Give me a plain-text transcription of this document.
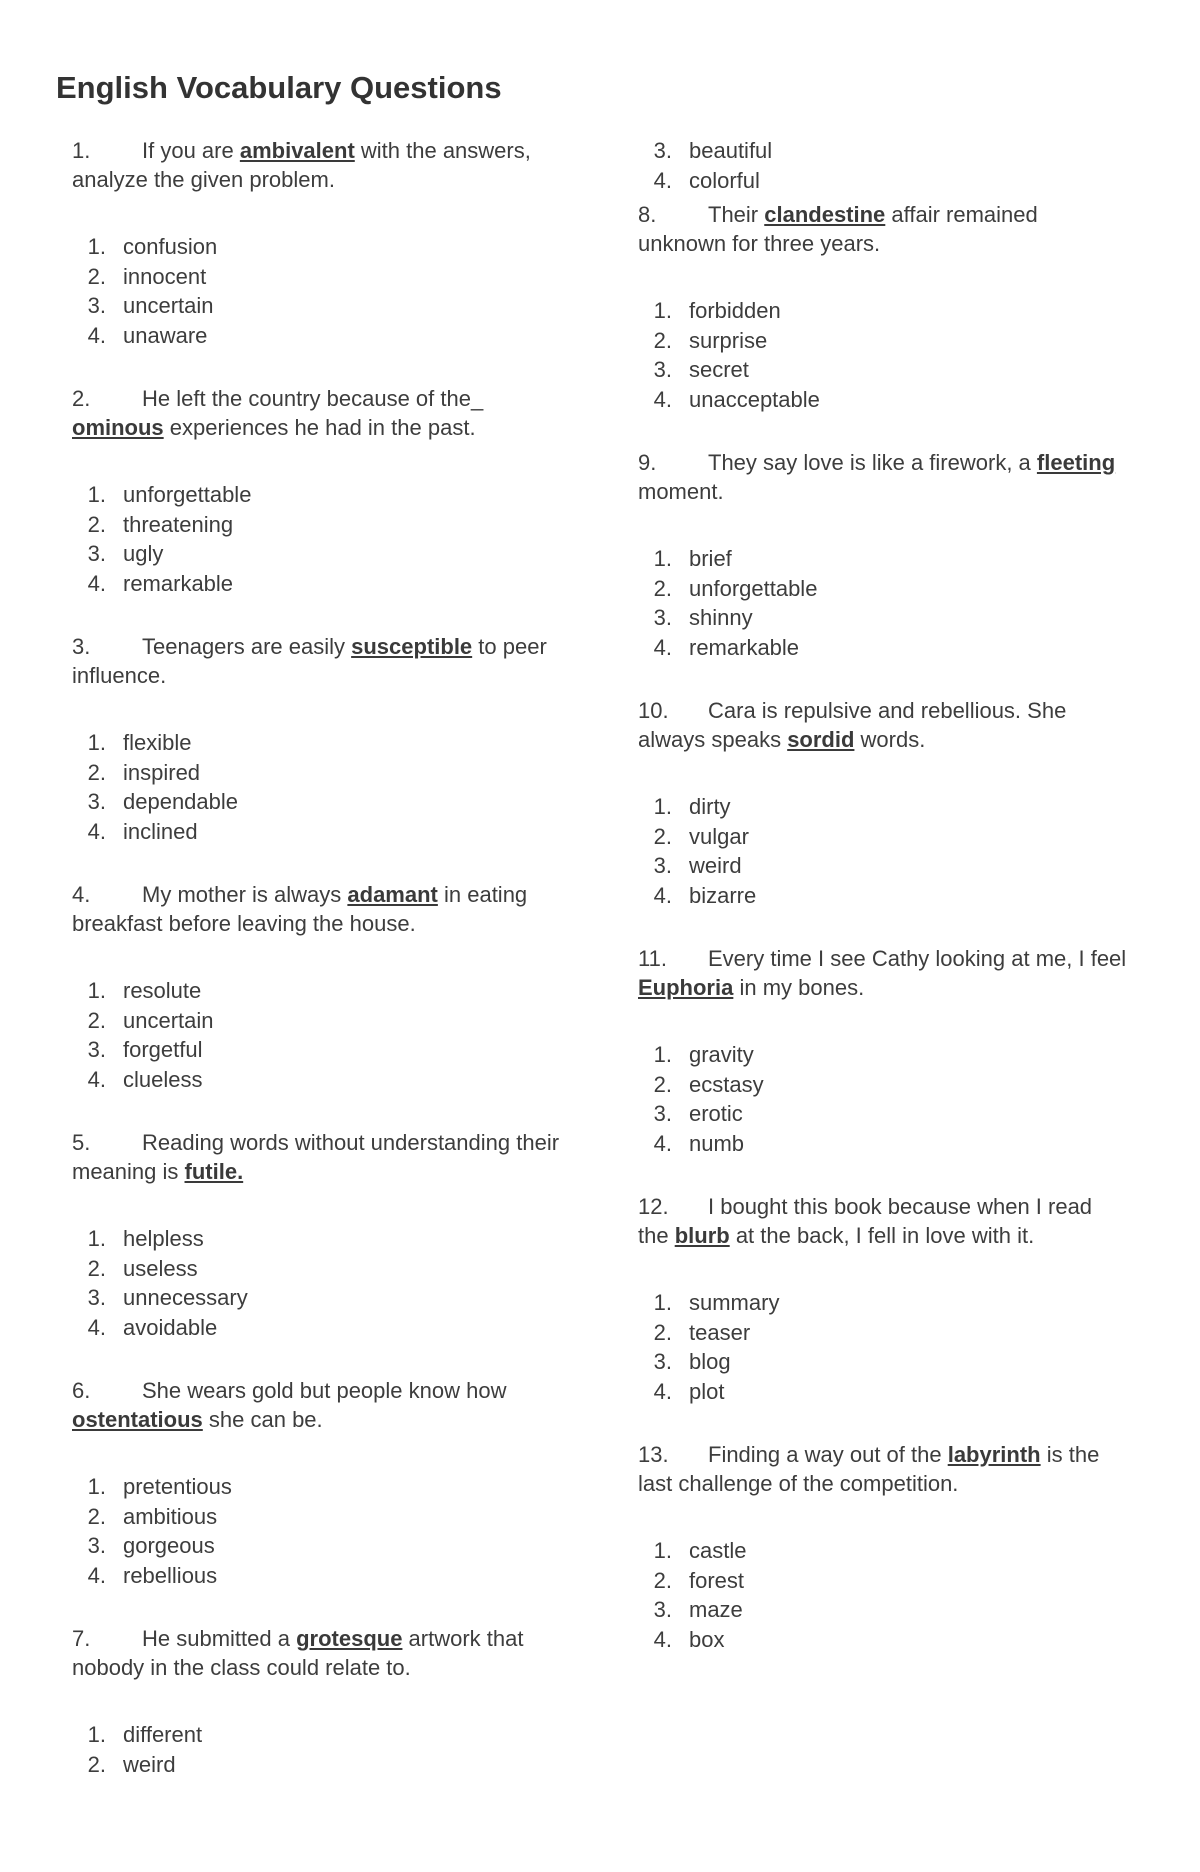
English Vocabulary Questions

1. If you are ambivalent with the answers, analyze the given problem.

1. confusion
2. innocent
3. uncertain
4. unaware

2. He left the country because of the_ ominous experiences he had in the past.

1. unforgettable
2. threatening
3. ugly
4. remarkable

3. Teenagers are easily susceptible to peer influence.

1. flexible
2. inspired
3. dependable
4. inclined

4. My mother is always adamant in eating breakfast before leaving the house.

1. resolute
2. uncertain
3. forgetful
4. clueless

5. Reading words without understanding their meaning is futile.

1. helpless
2. useless
3. unnecessary
4. avoidable

6. She wears gold but people know how ostentatious she can be.

1. pretentious
2. ambitious
3. gorgeous
4. rebellious

7. He submitted a grotesque artwork that nobody in the class could relate to.

1. different
2. weird
3. beautiful
4. colorful

8. Their clandestine affair remained unknown for three years.

1. forbidden
2. surprise
3. secret
4. unacceptable

9. They say love is like a firework, a fleeting moment.

1. brief
2. unforgettable
3. shinny
4. remarkable

10. Cara is repulsive and rebellious. She always speaks sordid words.

1. dirty
2. vulgar
3. weird
4. bizarre

11. Every time I see Cathy looking at me, I feel Euphoria in my bones.

1. gravity
2. ecstasy
3. erotic
4. numb

12. I bought this book because when I read the blurb at the back, I fell in love with it.

1. summary
2. teaser
3. blog
4. plot

13. Finding a way out of the labyrinth is the last challenge of the competition.

1. castle
2. forest
3. maze
4. box
